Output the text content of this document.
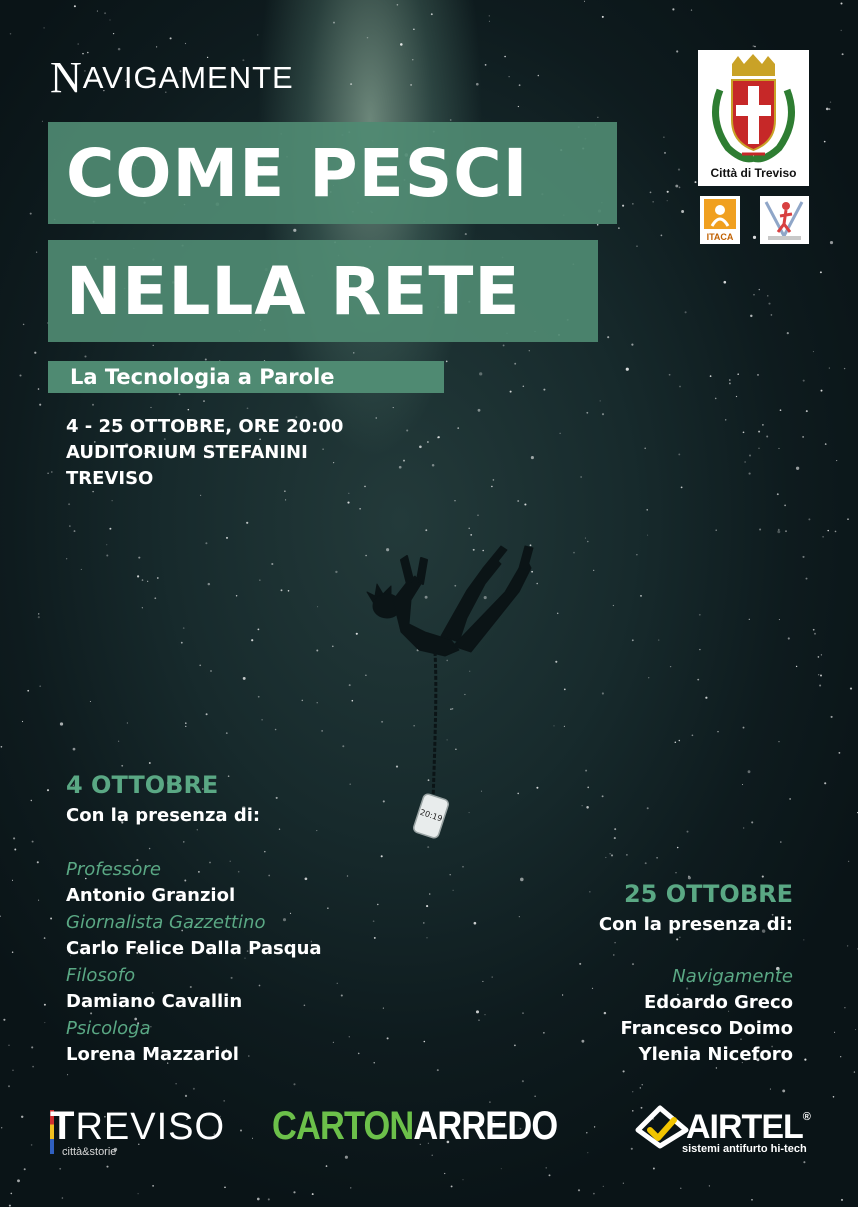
NAVIGAMENTE
COME PESCI
NELLA RETE
La Tecnologia a Parole
4 - 25 OTTOBRE, ORE 20:00
AUDITORIUM STEFANINI
TREVISO
Città di Treviso
ITACA
20:19
4 OTTOBRE
Con la presenza di:
Professore
Antonio Granziol
Giornalista Gazzettino
Carlo Felice Dalla Pasqua
Filosofo
Damiano Cavallin
Psicologa
Lorena Mazzariol
25 OTTOBRE
Con la presenza di:
Navigamente
Edoardo Greco
Francesco Doimo
Ylenia Niceforo
TREVISO
città&storie
CARTONARREDO	AIRTEL®
sistemi antifurto hi-tech
